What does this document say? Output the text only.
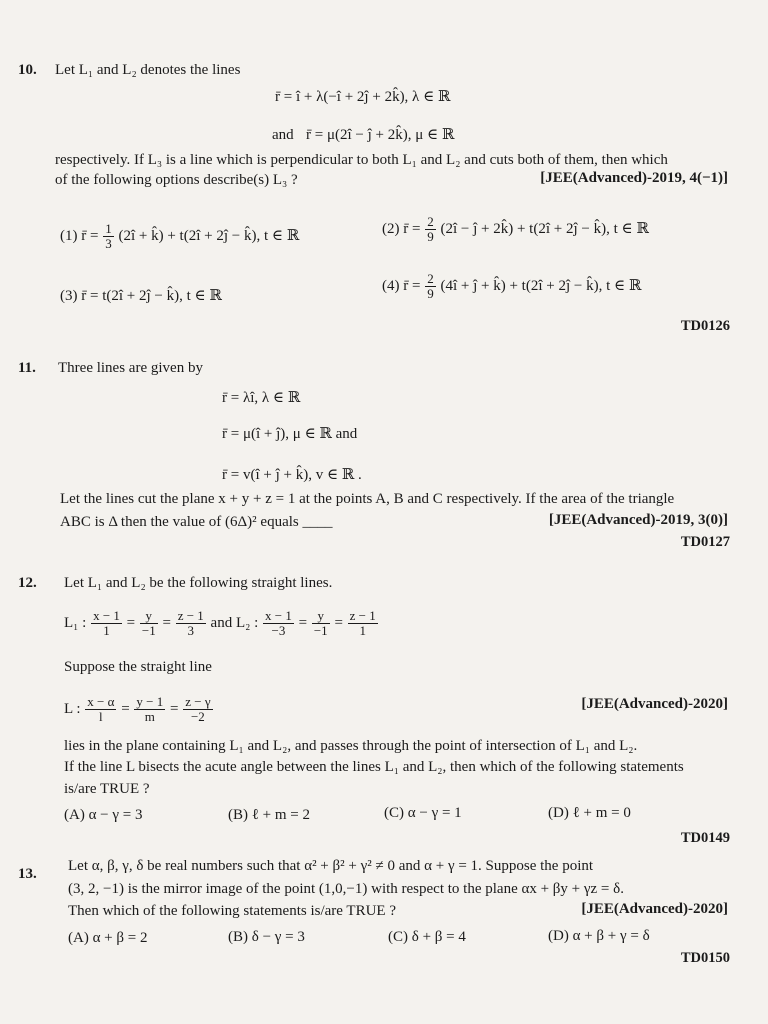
10. Let L₁ and L₂ denotes the lines
r̄ = î + λ(−î + 2ĵ + 2k̂), λ ∈ ℝ
and r̄ = μ(2î − ĵ + 2k̂), μ ∈ ℝ
respectively. If L₃ is a line which is perpendicular to both L₁ and L₂ and cuts both of them, then which
of the following options describe(s) L₃ ?	[JEE(Advanced)-2019, 4(−1)]
(1) r̄ = $\frac{1}{3}$ (2î + k̂) + t(2î + 2ĵ − k̂), t ∈ ℝ	(2) r̄ = $\frac{2}{9}$ (2î − ĵ + 2k̂) + t(2î + 2ĵ − k̂), t ∈ ℝ
(3) r̄ = t(2î + 2ĵ − k̂), t ∈ ℝ
(4) r̄ = $\frac{2}{9}$ (4î + ĵ + k̂) + t(2î + 2ĵ − k̂), t ∈ ℝ
TD0126
11. Three lines are given by
r̄ = λî, λ ∈ ℝ
r̄ = μ(î + ĵ), μ ∈ ℝ and
r̄ = v(î + ĵ + k̂), v ∈ ℝ .
Let the lines cut the plane x + y + z = 1 at the points A, B and C respectively. If the area of the triangle
ABC is Δ then the value of (6Δ)² equals ____	[JEE(Advanced)-2019, 3(0)]
TD0127
12. Let L₁ and L₂ be the following straight lines.
L₁ : $\frac{x - 1}{1} = \frac{y}{-1} = \frac{z - 1}{3}$ and L₂ : $\frac{x - 1}{-3} = \frac{y}{-1} = \frac{z - 1}{1}$
Suppose the straight line
L : $\frac{x - \alpha}{l} = \frac{y - 1}{m} = \frac{z - \gamma}{-2}$	[JEE(Advanced)-2020]
lies in the plane containing L₁ and L₂, and passes through the point of intersection of L₁ and L₂.
If the line L bisects the acute angle between the lines L₁ and L₂, then which of the following statements
is/are TRUE ?
(A) α − γ = 3	(B) ℓ + m = 2	(C) α − γ = 1	(D) ℓ + m = 0
TD0149
13. Let α, β, γ, δ be real numbers such that α² + β² + γ² ≠ 0 and α + γ = 1. Suppose the point
(3, 2, −1) is the mirror image of the point (1,0,−1) with respect to the plane αx + βy + γz = δ.
Then which of the following statements is/are TRUE ?	[JEE(Advanced)-2020]
(A) α + β = 2	(B) δ − γ = 3	(C) δ + β = 4	(D) α + β + γ = δ
TD0150
